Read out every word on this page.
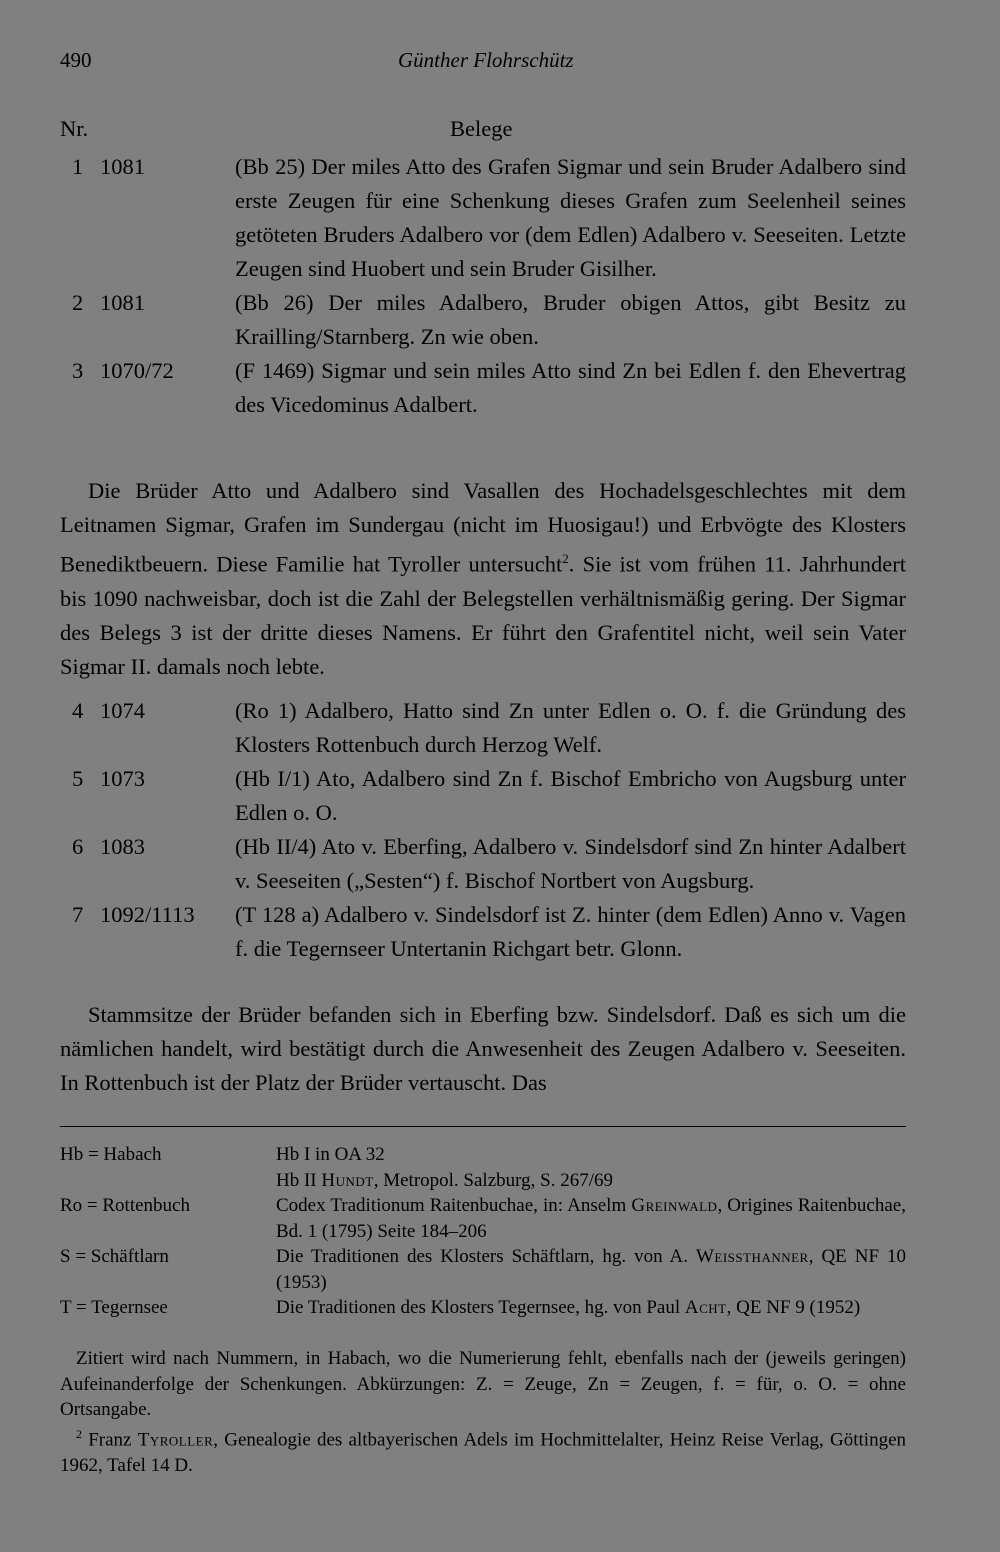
490	Günther Flohrschütz
Nr.	Belege
1 1081	(Bb 25) Der miles Atto des Grafen Sigmar und sein Bruder Adalbero sind erste Zeugen für eine Schenkung dieses Grafen zum Seelenheil seines getöteten Bruders Adalbero vor (dem Edlen) Adalbero v. Seeseiten. Letzte Zeugen sind Huobert und sein Bruder Gisilher.
2 1081	(Bb 26) Der miles Adalbero, Bruder obigen Attos, gibt Besitz zu Krailling/Starnberg. Zn wie oben.
3 1070/72	(F 1469) Sigmar und sein miles Atto sind Zn bei Edlen f. den Ehevertrag des Vicedominus Adalbert.
Die Brüder Atto und Adalbero sind Vasallen des Hochadelsgeschlechtes mit dem Leitnamen Sigmar, Grafen im Sundergau (nicht im Huosigau!) und Erbvögte des Klosters Benediktbeuern. Diese Familie hat Tyroller untersucht$^2$. Sie ist vom frühen 11. Jahrhundert bis 1090 nachweisbar, doch ist die Zahl der Belegstellen verhältnismäßig gering. Der Sigmar des Belegs 3 ist der dritte dieses Namens. Er führt den Grafentitel nicht, weil sein Vater Sigmar II. damals noch lebte.
4 1074	(Ro 1) Adalbero, Hatto sind Zn unter Edlen o. O. f. die Gründung des Klosters Rottenbuch durch Herzog Welf.
5 1073	(Hb I/1) Ato, Adalbero sind Zn f. Bischof Embricho von Augsburg unter Edlen o. O.
6 1083	(Hb II/4) Ato v. Eberfing, Adalbero v. Sindelsdorf sind Zn hinter Adalbert v. Seeseiten („Sesten“) f. Bischof Nortbert von Augsburg.
7 1092/1113 (T 128 a) Adalbero v. Sindelsdorf ist Z. hinter (dem Edlen) Anno v. Vagen f. die Tegernseer Untertanin Richgart betr. Glonn.
Stammsitze der Brüder befanden sich in Eberfing bzw. Sindelsdorf. Daß es sich um die nämlichen handelt, wird bestätigt durch die Anwesenheit des Zeugen Adalbero v. Seeseiten. In Rottenbuch ist der Platz der Brüder vertauscht. Das
Hb = Habach	Hb I in OA 32
Hb II Hundt, Metropol. Salzburg, S. 267/69
Ro = Rottenbuch	Codex Traditionum Raitenbuchae, in: Anselm Greinwald, Origines Raitenbuchae, Bd. 1 (1795) Seite 184–206
S = Schäftlarn	Die Traditionen des Klosters Schäftlarn, hg. von A. Weissthanner, QE NF 10 (1953)
T = Tegernsee	Die Traditionen des Klosters Tegernsee, hg. von Paul Acht, QE NF 9 (1952)
Zitiert wird nach Nummern, in Habach, wo die Numerierung fehlt, ebenfalls nach der (jeweils geringen) Aufeinanderfolge der Schenkungen. Abkürzungen: Z. = Zeuge, Zn = Zeugen, f. = für, o. O. = ohne Ortsangabe.
$^2$ Franz Tyroller, Genealogie des altbayerischen Adels im Hochmittelalter, Heinz Reise Verlag, Göttingen 1962, Tafel 14 D.
